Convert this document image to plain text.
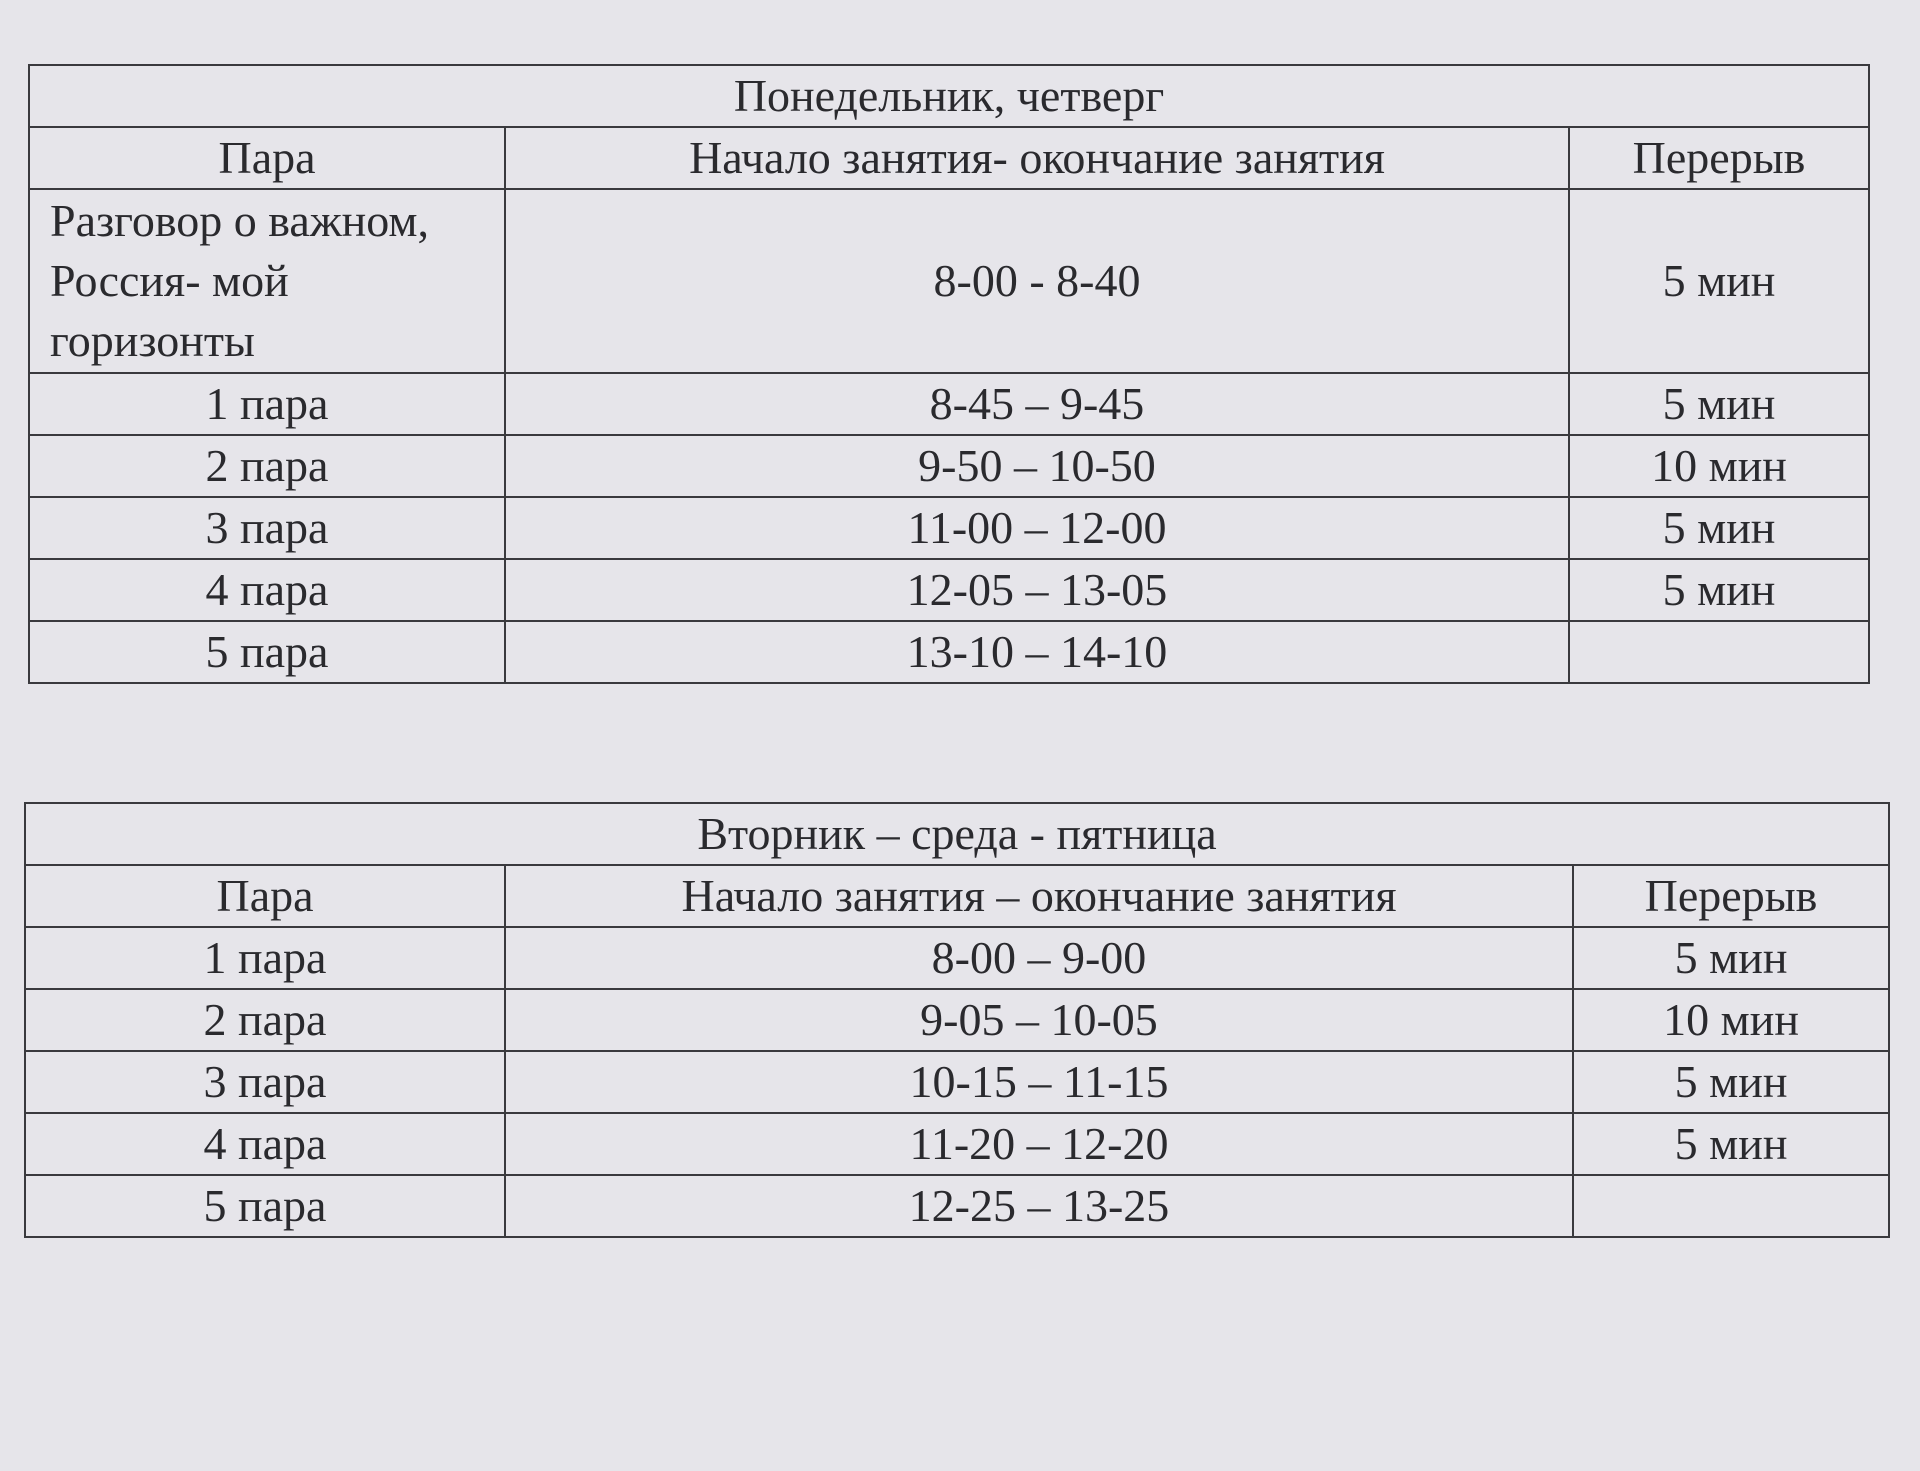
Понедельник, четверг		
Пара	Начало занятия- окончание занятия	Перерыв

Разговор о важном,
Россия- мой
горизонты	8-00 - 8-40	5 мин
1 пара	8-45 – 9-45	5 мин
2 пара	9-50 – 10-50	10 мин
3 пара	11-00 – 12-00	5 мин
4 пара	12-05 – 13-05	5 мин
5 пара	13-10 – 14-10	
Вторник – среда - пятница		
Пара	Начало занятия – окончание занятия	Перерыв
1 пара	8-00 – 9-00	5 мин
2 пара	9-05 – 10-05	10 мин
3 пара	10-15 – 11-15	5 мин
4 пара	11-20 – 12-20	5 мин
5 пара	12-25 – 13-25	
